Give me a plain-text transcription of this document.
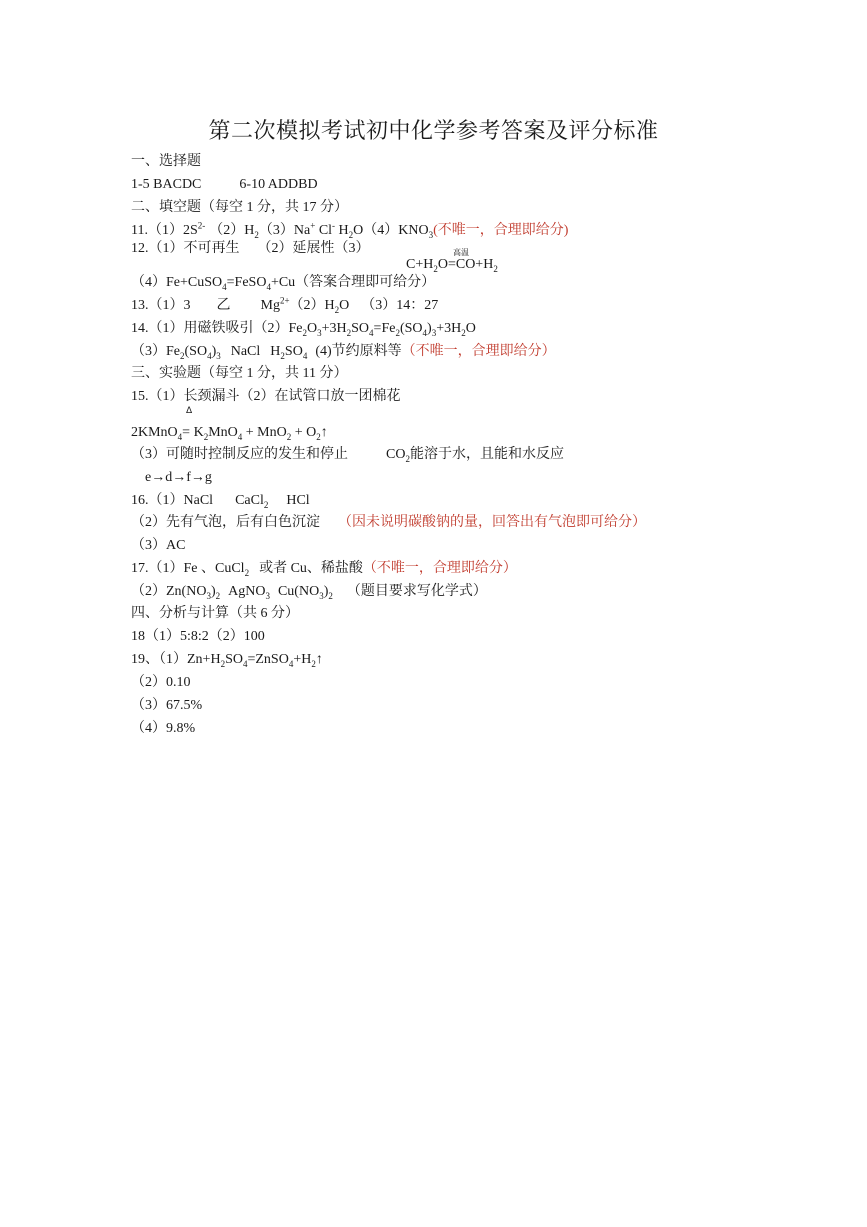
第二次模拟考试初中化学参考答案及评分标准
一、选择题
1-5 BACDC	6-10 ADDBD
二、填空题（每空 1 分，共 17 分）
$11.(1)2S^{2-}$ $(2)H_2(3)Na^+$ Cl- $H_2O(4)KNO_3$(不唯一，合理即给分)
12.（1）不可再生 （2）延展性（3）	高温
$C+H_2O=CO+H_2$
（4）Fe+CuSO$_4$=FeSO$_4$+Cu（答案合理即可给分）
13.（1）3 乙 $Mg^{2+}(2)H_2O$ （3）14：27
14.（1）用磁铁吸引$(2)Fe_2O_3+3H_2SO_4=Fe_2(SO_4)_3+3H_2O$
$(3)Fe_2(SO_4)_3$ NaCl $H_2SO_4$ (4)节约原料等（不唯一，合理即给分）
三、实验题（每空 1 分，共 11 分）
15.（1）长颈漏斗（2）在试管口放一团棉花
Δ
2KMnO$_4$= $K_2MnO_4 + MnO_2$ + $O_2↑$
（3）可随时控制反应的发生和停止	$CO_2$能溶于水，且能和水反应
e→d→f→g
16.（1）NaCl CaCl$_2$ HCl
（2）先有气泡，后有白色沉淀 （因未说明碳酸钠的量，回答出有气泡即可给分）
（3）AC
17.（1）Fe 、CuCl$_2$ 或者 Cu、稀盐酸（不唯一，合理即给分）
$(2)Zn(NO_3)_2$ AgNO$_3$ $Cu(NO_3)_2$ （题目要求写化学式）
四、分析与计算（共 6 分）
18（1）5:8:2（2）100
19、$(1)Zn+H_2SO_4=ZnSO_4+H_2↑$
（2）0.10
（3）67.5%
（4）9.8%
